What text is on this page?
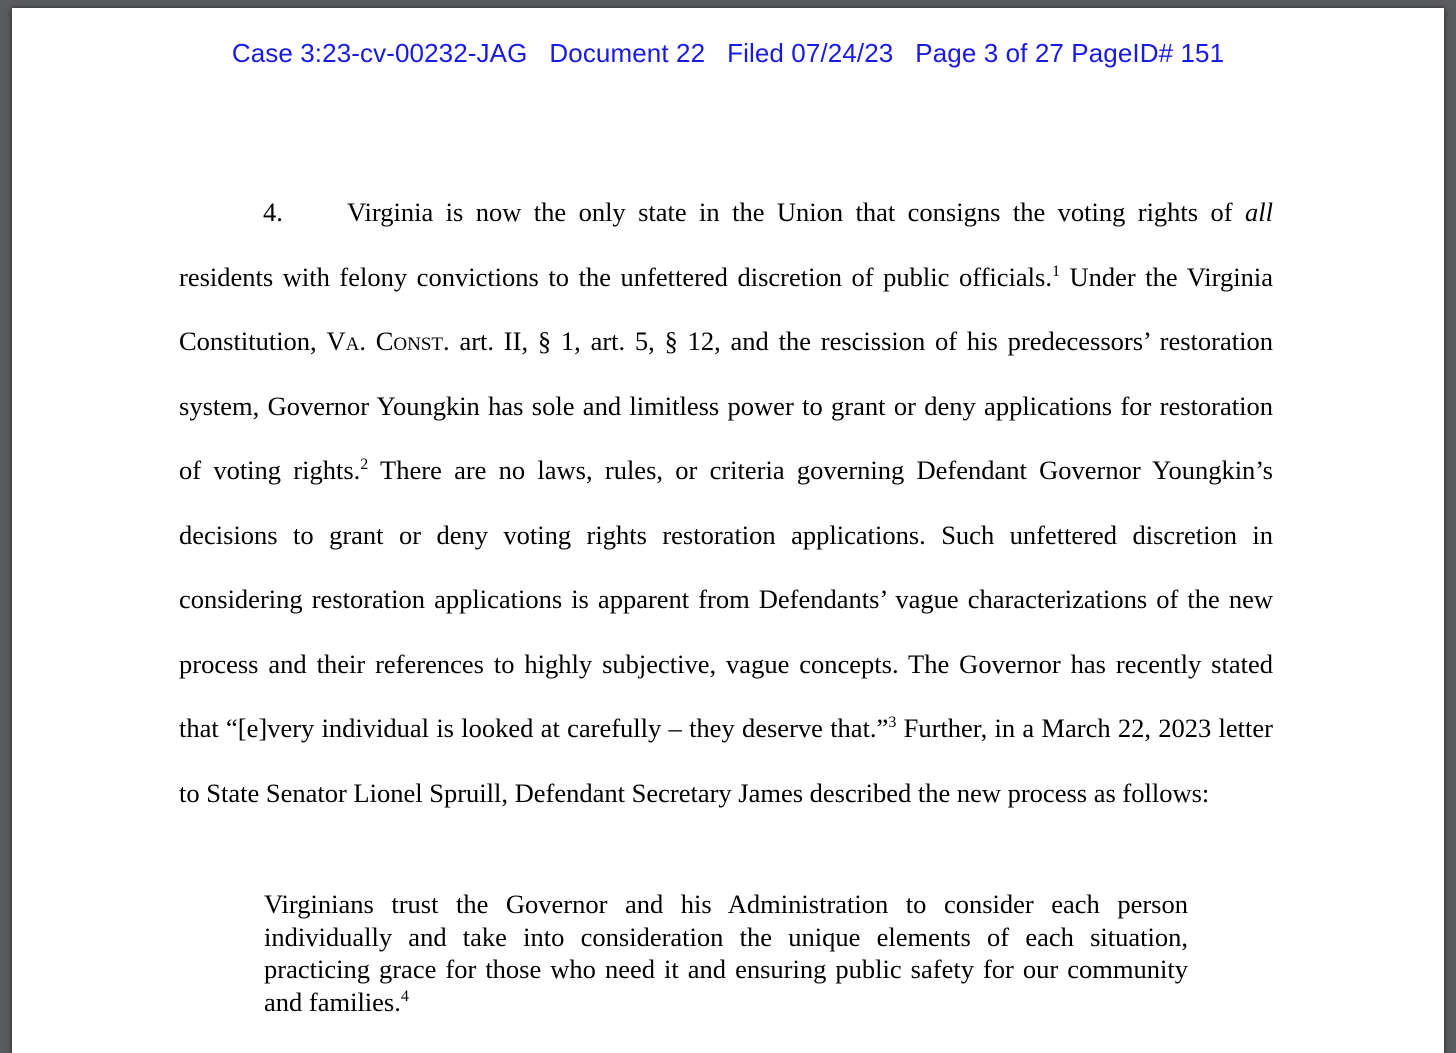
Case 3:23-cv-00232-JAG Document 22 Filed 07/24/23 Page 3 of 27 PageID# 151

4. Virginia is now the only state in the Union that consigns the voting rights of all residents with felony convictions to the unfettered discretion of public officials.$^1$ Under the Virginia Constitution, Va. Const. art. II, § 1, art. 5, § 12, and the rescission of his predecessors’ restoration system, Governor Youngkin has sole and limitless power to grant or deny applications for restoration of voting rights.$^2$ There are no laws, rules, or criteria governing Defendant Governor Youngkin’s decisions to grant or deny voting rights restoration applications. Such unfettered discretion in considering restoration applications is apparent from Defendants’ vague characterizations of the new process and their references to highly subjective, vague concepts. The Governor has recently stated that “[e]very individual is looked at carefully – they deserve that.”$^3$ Further, in a March 22, 2023 letter to State Senator Lionel Spruill, Defendant Secretary James described the new process as follows:

Virginians trust the Governor and his Administration to consider each person individually and take into consideration the unique elements of each situation, practicing grace for those who need it and ensuring public safety for our community and families.$^4$
